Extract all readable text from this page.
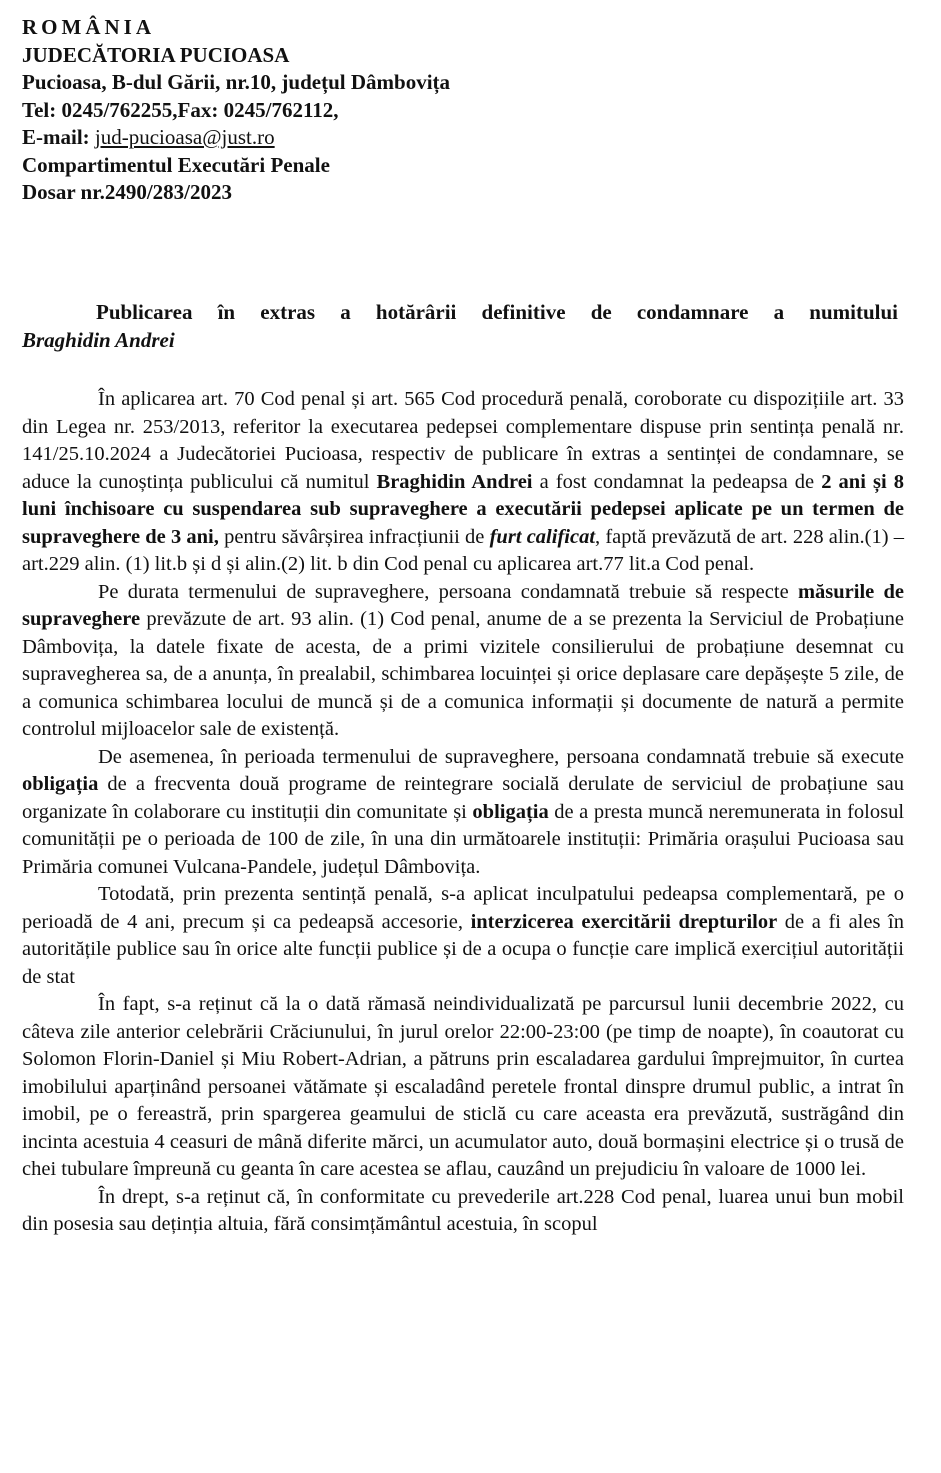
ROMÂNIA
JUDECĂTORIA PUCIOASA
Pucioasa, B-dul Gării, nr.10, județul Dâmbovița
Tel: 0245/762255,Fax: 0245/762112,
E-mail: jud-pucioasa@just.ro
Compartimentul Executări Penale
Dosar nr.2490/283/2023
Publicarea în extras a hotărârii definitive de condamnare a numitului
Braghidin Andrei

În aplicarea art. 70 Cod penal și art. 565 Cod procedură penală, coroborate cu dispozițiile art. 33 din Legea nr. 253/2013, referitor la executarea pedepsei complementare dispuse prin sentința penală nr. 141/25.10.2024 a Judecătoriei Pucioasa, respectiv de publicare în extras a sentinței de condamnare, se aduce la cunoștința publicului că numitul Braghidin Andrei a fost condamnat la pedeapsa de 2 ani și 8 luni închisoare cu suspendarea sub supraveghere a executării pedepsei aplicate pe un termen de supraveghere de 3 ani, pentru săvârșirea infracțiunii de furt calificat, faptă prevăzută de art. 228 alin.(1) –art.229 alin. (1) lit.b și d și alin.(2) lit. b din Cod penal cu aplicarea art.77 lit.a Cod penal.

Pe durata termenului de supraveghere, persoana condamnată trebuie să respecte măsurile de supraveghere prevăzute de art. 93 alin. (1) Cod penal, anume de a se prezenta la Serviciul de Probațiune Dâmbovița, la datele fixate de acesta, de a primi vizitele consilierului de probațiune desemnat cu supravegherea sa, de a anunța, în prealabil, schimbarea locuinței și orice deplasare care depășește 5 zile, de a comunica schimbarea locului de muncă și de a comunica informații și documente de natură a permite controlul mijloacelor sale de existență.

De asemenea, în perioada termenului de supraveghere, persoana condamnată trebuie să execute obligația de a frecventa două programe de reintegrare socială derulate de serviciul de probațiune sau organizate în colaborare cu instituții din comunitate și obligația de a presta muncă neremunerata in folosul comunității pe o perioada de 100 de zile, în una din următoarele instituții: Primăria orașului Pucioasa sau Primăria comunei Vulcana-Pandele, județul Dâmbovița.

Totodată, prin prezenta sentință penală, s-a aplicat inculpatului pedeapsa complementară, pe o perioadă de 4 ani, precum și ca pedeapsă accesorie, interzicerea exercitării drepturilor de a fi ales în autoritățile publice sau în orice alte funcții publice și de a ocupa o funcție care implică exercițiul autorității de stat

În fapt, s-a reținut că la o dată rămasă neindividualizată pe parcursul lunii decembrie 2022, cu câteva zile anterior celebrării Crăciunului, în jurul orelor 22:00-23:00 (pe timp de noapte), în coautorat cu Solomon Florin-Daniel și Miu Robert-Adrian, a pătruns prin escaladarea gardului împrejmuitor, în curtea imobilului aparținând persoanei vătămate și escaladând peretele frontal dinspre drumul public, a intrat în imobil, pe o fereastră, prin spargerea geamului de sticlă cu care aceasta era prevăzută, sustrăgând din incinta acestuia 4 ceasuri de mână diferite mărci, un acumulator auto, două bormașini electrice și o trusă de chei tubulare împreună cu geanta în care acestea se aflau, cauzând un prejudiciu în valoare de 1000 lei.

În drept, s-a reținut că, în conformitate cu prevederile art.228 Cod penal, luarea unui bun mobil din posesia sau deținția altuia, fără consimțământul acestuia, în scopul
